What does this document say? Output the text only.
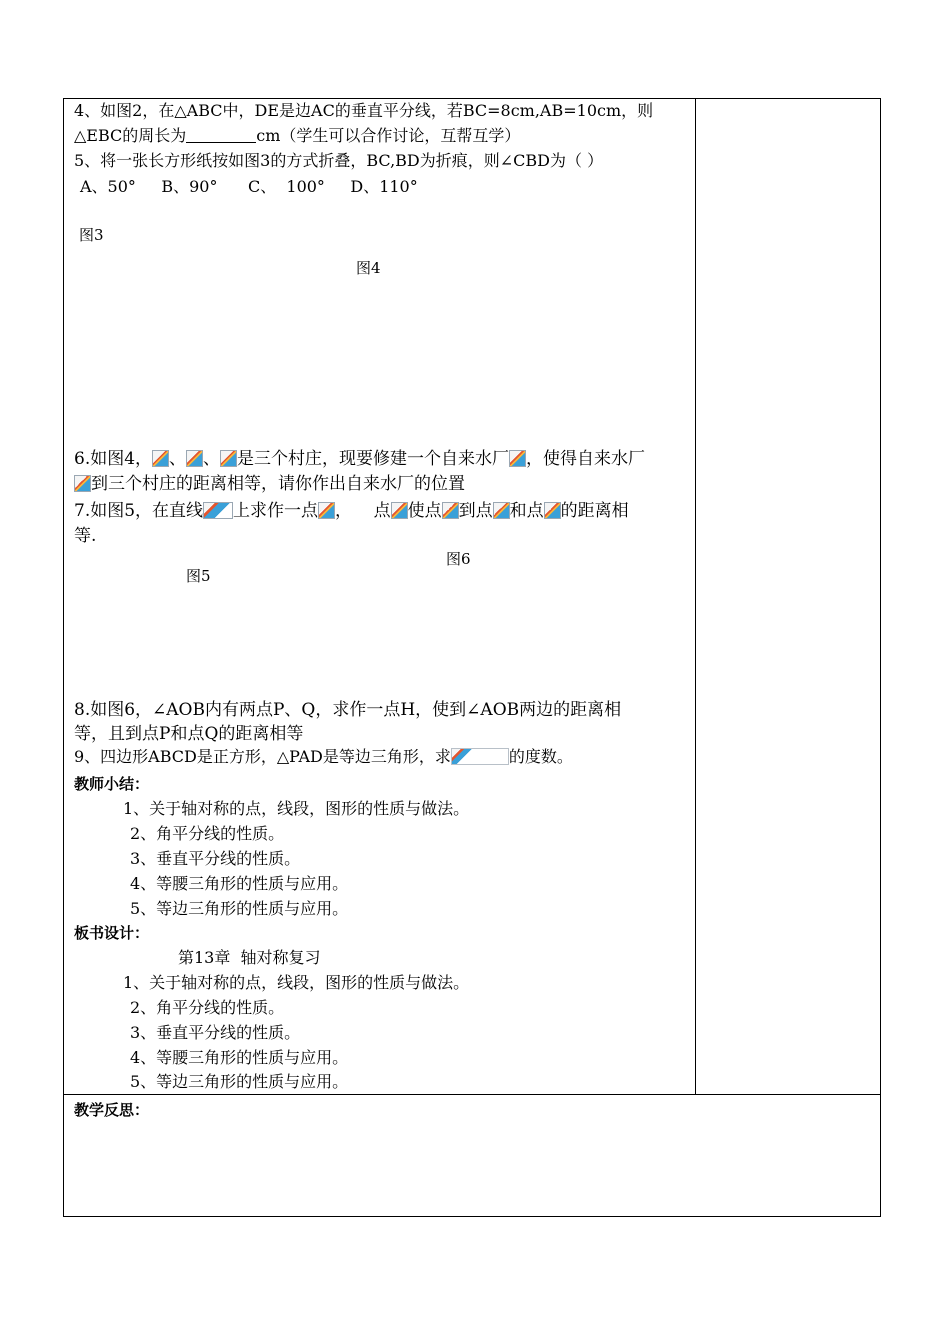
4、如图2，在△ABC中，DE是边AC的垂直平分线，若BC=8cm,AB=10cm，则
△EBC的周长为	cm（学生可以合作讨论，互帮互学）
5、将一张长方形纸按如图3的方式折叠，BC,BD为折痕，则∠CBD为（ ）
A、50°     B、90°      C、  100°     D、110°
图3
图4
6.如图4， 、 、 是三个村庄，现要修建一个自来水厂 ，使得自来水厂
到三个村庄的距离相等，请你作出自来水厂的位置
7.如图5，在直线 上求作一点 ，    点 使点 到点 和点 的距离相
等.
图6
图5
8.如图6，∠AOB内有两点P、Q，求作一点H，使到∠AOB两边的距离相
等，且到点P和点Q的距离相等
9、四边形ABCD是正方形，△PAD是等边三角形，求	的度数。
教师小结：
1、关于轴对称的点，线段，图形的性质与做法。
2、角平分线的性质。
3、垂直平分线的性质。
4、等腰三角形的性质与应用。
5、等边三角形的性质与应用。
板书设计：
第13章  轴对称复习
1、关于轴对称的点，线段，图形的性质与做法。
2、角平分线的性质。
3、垂直平分线的性质。
4、等腰三角形的性质与应用。
5、等边三角形的性质与应用。
教学反思：
